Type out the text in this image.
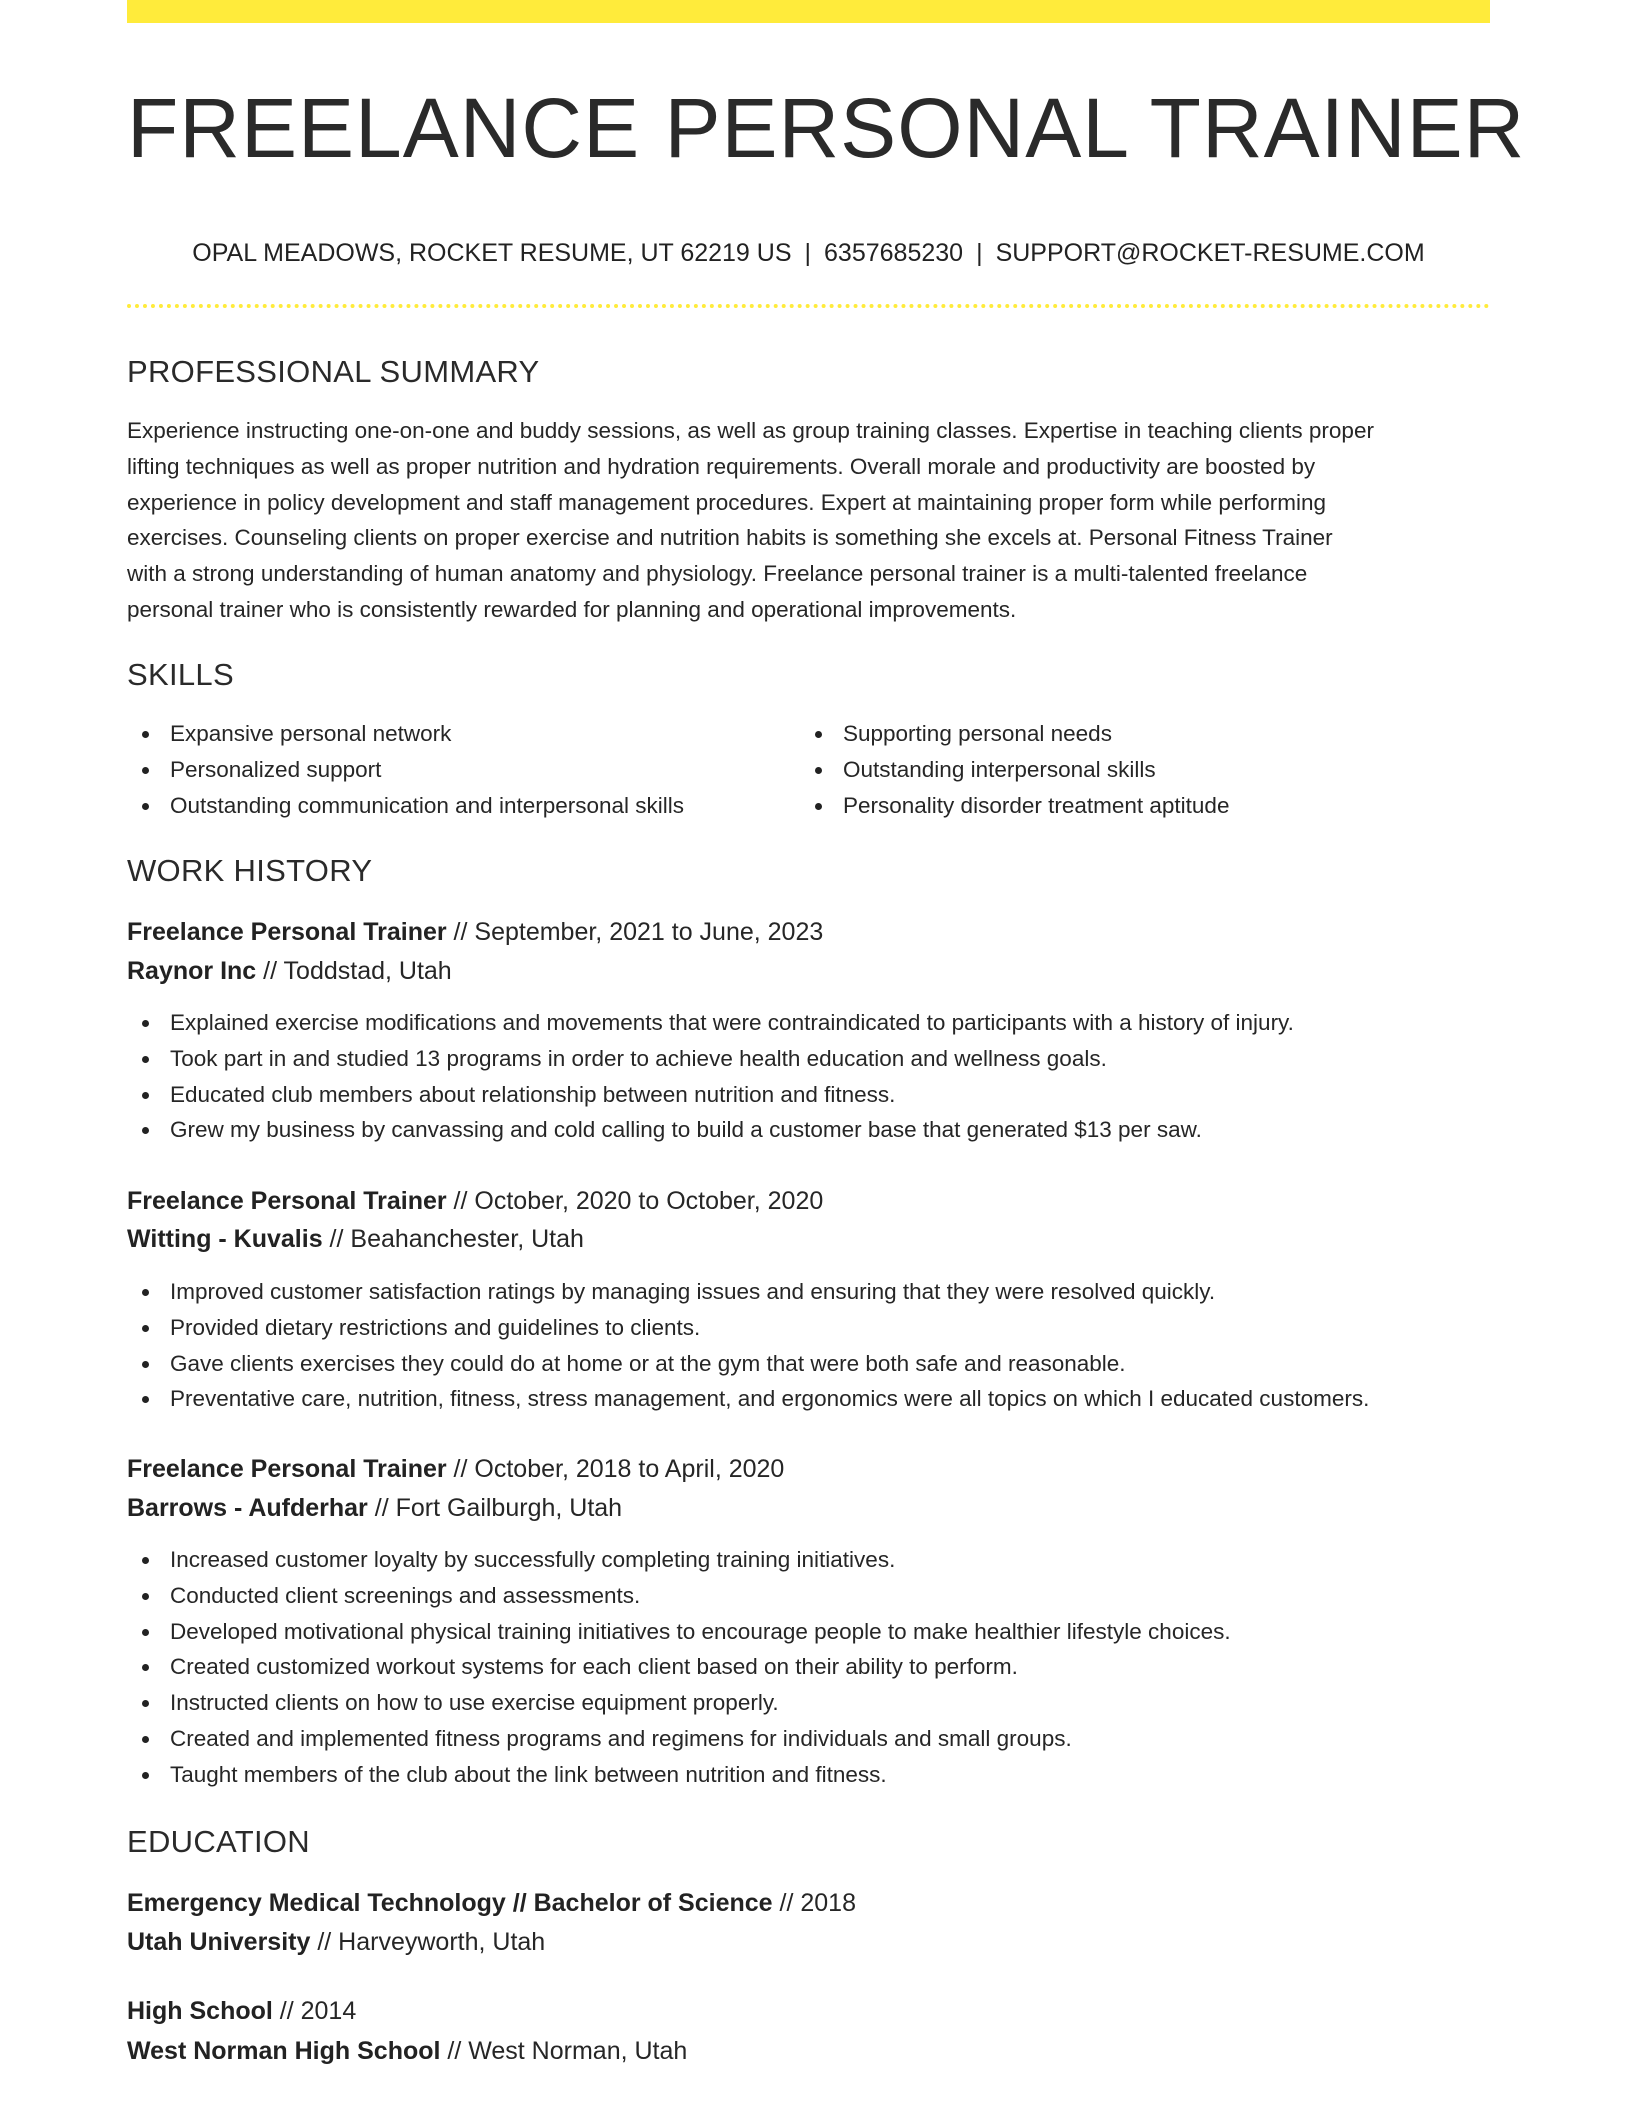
FREELANCE PERSONAL TRAINER
OPAL MEADOWS, ROCKET RESUME, UT 62219 US | 6357685230 | SUPPORT@ROCKET-RESUME.COM
PROFESSIONAL SUMMARY
Experience instructing one-on-one and buddy sessions, as well as group training classes. Expertise in teaching clients proper
lifting techniques as well as proper nutrition and hydration requirements. Overall morale and productivity are boosted by
experience in policy development and staff management procedures. Expert at maintaining proper form while performing
exercises. Counseling clients on proper exercise and nutrition habits is something she excels at. Personal Fitness Trainer
with a strong understanding of human anatomy and physiology. Freelance personal trainer is a multi-talented freelance
personal trainer who is consistently rewarded for planning and operational improvements.
SKILLS
Expansive personal network
Personalized support
Outstanding communication and interpersonal skills
Supporting personal needs
Outstanding interpersonal skills
Personality disorder treatment aptitude
WORK HISTORY
Freelance Personal Trainer // September, 2021 to June, 2023
Raynor Inc // Toddstad, Utah
Explained exercise modifications and movements that were contraindicated to participants with a history of injury.
Took part in and studied 13 programs in order to achieve health education and wellness goals.
Educated club members about relationship between nutrition and fitness.
Grew my business by canvassing and cold calling to build a customer base that generated $13 per saw.
Freelance Personal Trainer // October, 2020 to October, 2020
Witting - Kuvalis // Beahanchester, Utah
Improved customer satisfaction ratings by managing issues and ensuring that they were resolved quickly.
Provided dietary restrictions and guidelines to clients.
Gave clients exercises they could do at home or at the gym that were both safe and reasonable.
Preventative care, nutrition, fitness, stress management, and ergonomics were all topics on which I educated customers.
Freelance Personal Trainer // October, 2018 to April, 2020
Barrows - Aufderhar // Fort Gailburgh, Utah
Increased customer loyalty by successfully completing training initiatives.
Conducted client screenings and assessments.
Developed motivational physical training initiatives to encourage people to make healthier lifestyle choices.
Created customized workout systems for each client based on their ability to perform.
Instructed clients on how to use exercise equipment properly.
Created and implemented fitness programs and regimens for individuals and small groups.
Taught members of the club about the link between nutrition and fitness.
EDUCATION
Emergency Medical Technology // Bachelor of Science // 2018
Utah University // Harveyworth, Utah
High School // 2014
West Norman High School // West Norman, Utah
